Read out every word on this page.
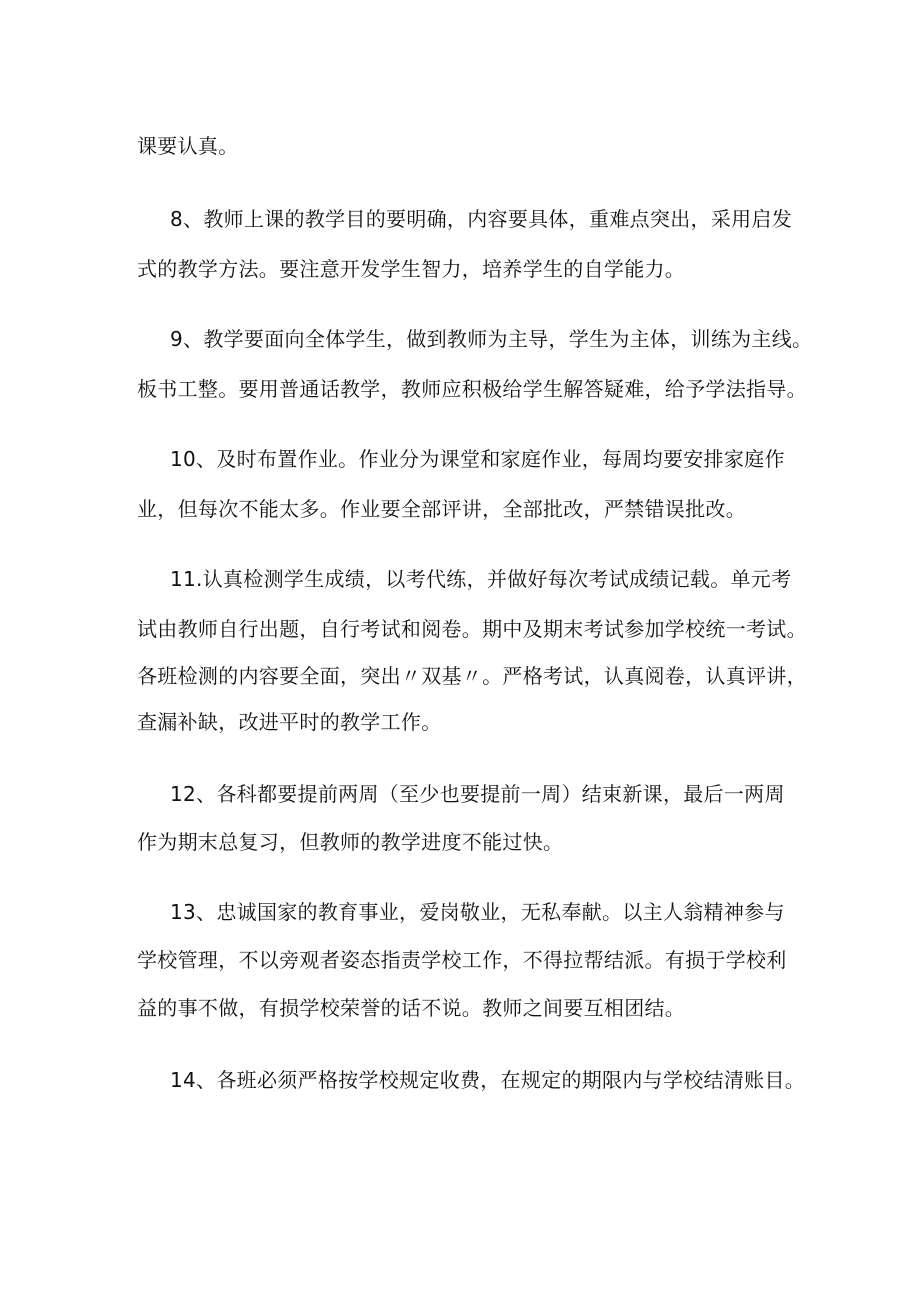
课要认真。
8、教师上课的教学目的要明确，内容要具体，重难点突出，采用启发
式的教学方法。要注意开发学生智力，培养学生的自学能力。
9、教学要面向全体学生，做到教师为主导，学生为主体，训练为主线。
板书工整。要用普通话教学，教师应积极给学生解答疑难，给予学法指导。
10、及时布置作业。作业分为课堂和家庭作业，每周均要安排家庭作
业，但每次不能太多。作业要全部评讲，全部批改，严禁错误批改。
11.认真检测学生成绩，以考代练，并做好每次考试成绩记载。单元考
试由教师自行出题，自行考试和阅卷。期中及期末考试参加学校统一考试。
各班检测的内容要全面，突出〃双基〃。严格考试，认真阅卷，认真评讲，
查漏补缺，改进平时的教学工作。
12、各科都要提前两周（至少也要提前一周）结束新课，最后一两周
作为期末总复习，但教师的教学进度不能过快。
13、忠诚国家的教育事业，爱岗敬业，无私奉献。以主人翁精神参与
学校管理，不以旁观者姿态指责学校工作，不得拉帮结派。有损于学校利
益的事不做，有损学校荣誉的话不说。教师之间要互相团结。
14、各班必须严格按学校规定收费，在规定的期限内与学校结清账目。
